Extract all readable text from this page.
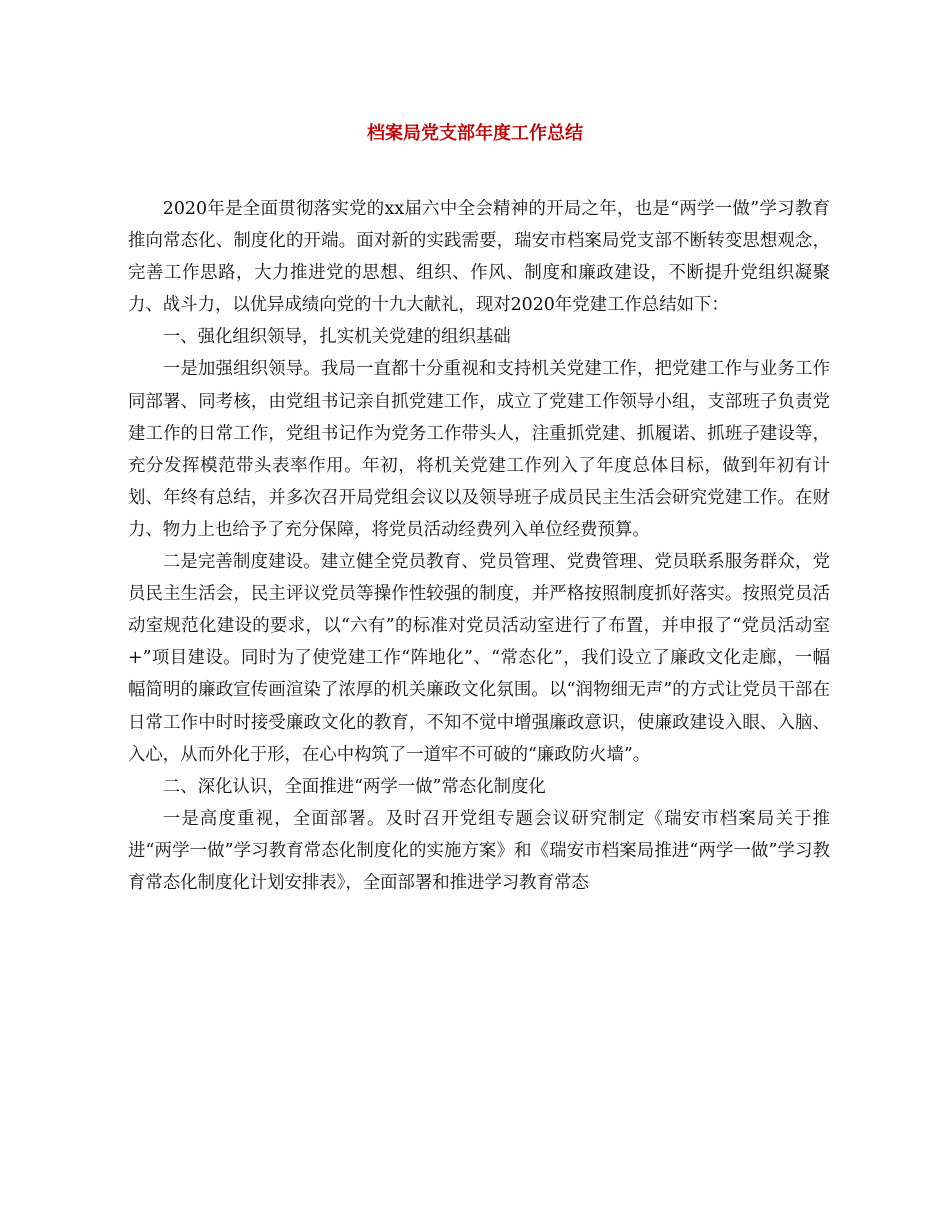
档案局党支部年度工作总结

2020年是全面贯彻落实党的xx届六中全会精神的开局之年，也是“两学一做”学习教育推向常态化、制度化的开端。面对新的实践需要，瑞安市档案局党支部不断转变思想观念，完善工作思路，大力推进党的思想、组织、作风、制度和廉政建设，不断提升党组织凝聚力、战斗力，以优异成绩向党的十九大献礼，现对2020年党建工作总结如下：

一、强化组织领导，扎实机关党建的组织基础

一是加强组织领导。我局一直都十分重视和支持机关党建工作，把党建工作与业务工作同部署、同考核，由党组书记亲自抓党建工作，成立了党建工作领导小组，支部班子负责党建工作的日常工作，党组书记作为党务工作带头人，注重抓党建、抓履诺、抓班子建设等，充分发挥模范带头表率作用。年初，将机关党建工作列入了年度总体目标，做到年初有计划、年终有总结，并多次召开局党组会议以及领导班子成员民主生活会研究党建工作。在财力、物力上也给予了充分保障，将党员活动经费列入单位经费预算。

二是完善制度建设。建立健全党员教育、党员管理、党费管理、党员联系服务群众，党员民主生活会，民主评议党员等操作性较强的制度，并严格按照制度抓好落实。按照党员活动室规范化建设的要求，以“六有”的标准对党员活动室进行了布置，并申报了“党员活动室+”项目建设。同时为了使党建工作“阵地化”、“常态化”，我们设立了廉政文化走廊，一幅幅简明的廉政宣传画渲染了浓厚的机关廉政文化氛围。以“润物细无声”的方式让党员干部在日常工作中时时接受廉政文化的教育，不知不觉中增强廉政意识，使廉政建设入眼、入脑、入心，从而外化于形，在心中构筑了一道牢不可破的“廉政防火墙”。

二、深化认识，全面推进“两学一做”常态化制度化

一是高度重视，全面部署。及时召开党组专题会议研究制定《瑞安市档案局关于推进“两学一做”学习教育常态化制度化的实施方案》和《瑞安市档案局推进“两学一做”学习教育常态化制度化计划安排表》，全面部署和推进学习教育常态
